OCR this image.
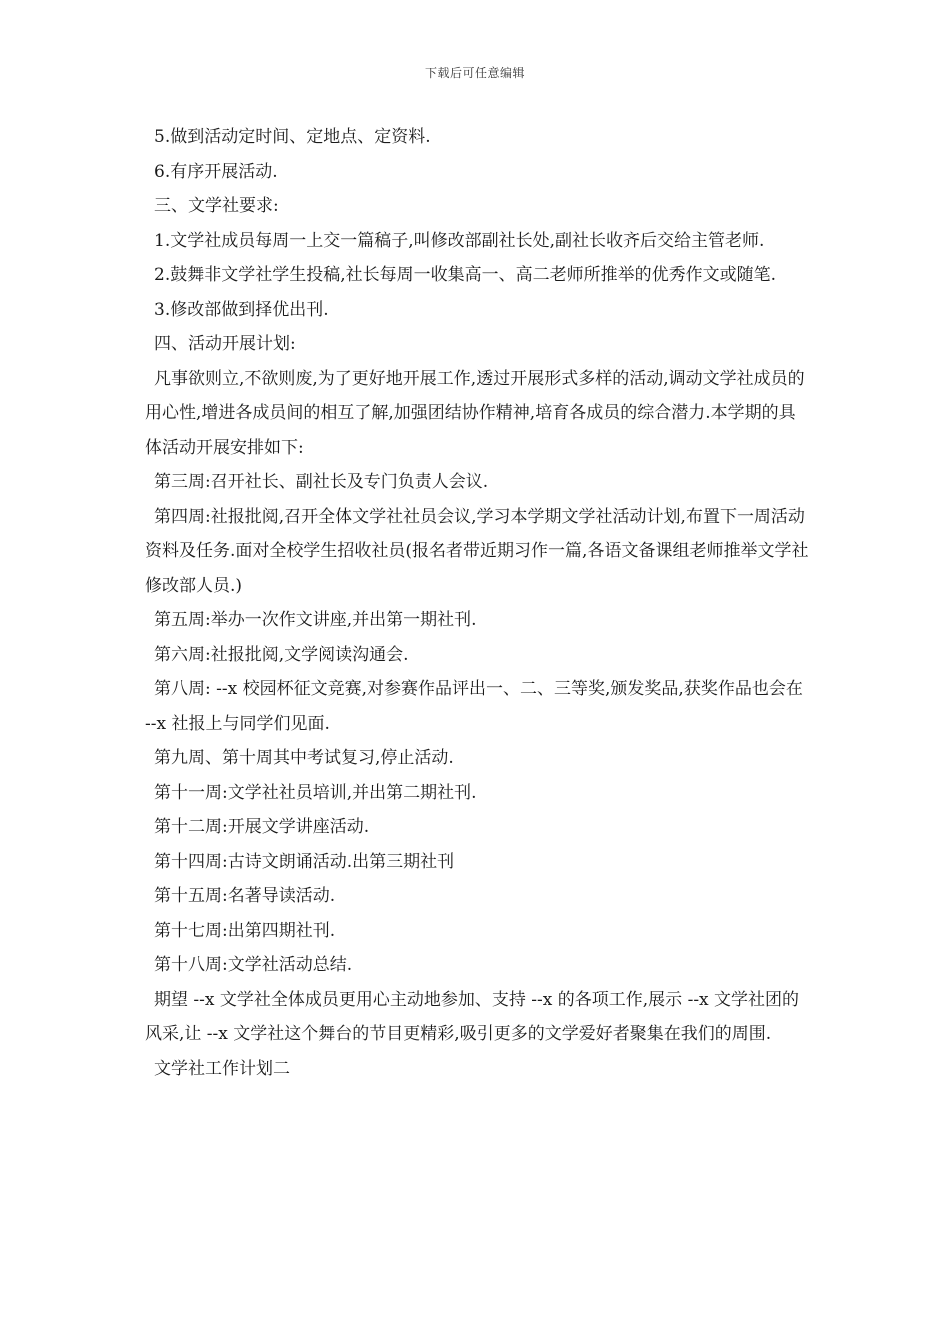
下载后可任意编辑

5.做到活动定时间、定地点、定资料.

6.有序开展活动.

三、文学社要求:

1.文学社成员每周一上交一篇稿子,叫修改部副社长处,副社长收齐后交给主管老师.

2.鼓舞非文学社学生投稿,社长每周一收集高一、高二老师所推举的优秀作文或随笔.

3.修改部做到择优出刊.

四、活动开展计划:

凡事欲则立,不欲则废,为了更好地开展工作,透过开展形式多样的活动,调动文学社成员的用心性,增进各成员间的相互了解,加强团结协作精神,培育各成员的综合潜力.本学期的具体活动开展安排如下:

第三周:召开社长、副社长及专门负责人会议.

第四周:社报批阅,召开全体文学社社员会议,学习本学期文学社活动计划,布置下一周活动资料及任务.面对全校学生招收社员(报名者带近期习作一篇,各语文备课组老师推举文学社修改部人员.)

第五周:举办一次作文讲座,并出第一期社刊.

第六周:社报批阅,文学阅读沟通会.

第八周: --x 校园杯征文竞赛,对参赛作品评出一、二、三等奖,颁发奖品,获奖作品也会在 --x 社报上与同学们见面.

第九周、第十周其中考试复习,停止活动.

第十一周:文学社社员培训,并出第二期社刊.

第十二周:开展文学讲座活动.

第十四周:古诗文朗诵活动.出第三期社刊

第十五周:名著导读活动.

第十七周:出第四期社刊.

第十八周:文学社活动总结.

期望 --x 文学社全体成员更用心主动地参加、支持 --x 的各项工作,展示 --x 文学社团的风采,让 --x 文学社这个舞台的节目更精彩,吸引更多的文学爱好者聚集在我们的周围.

文学社工作计划二
